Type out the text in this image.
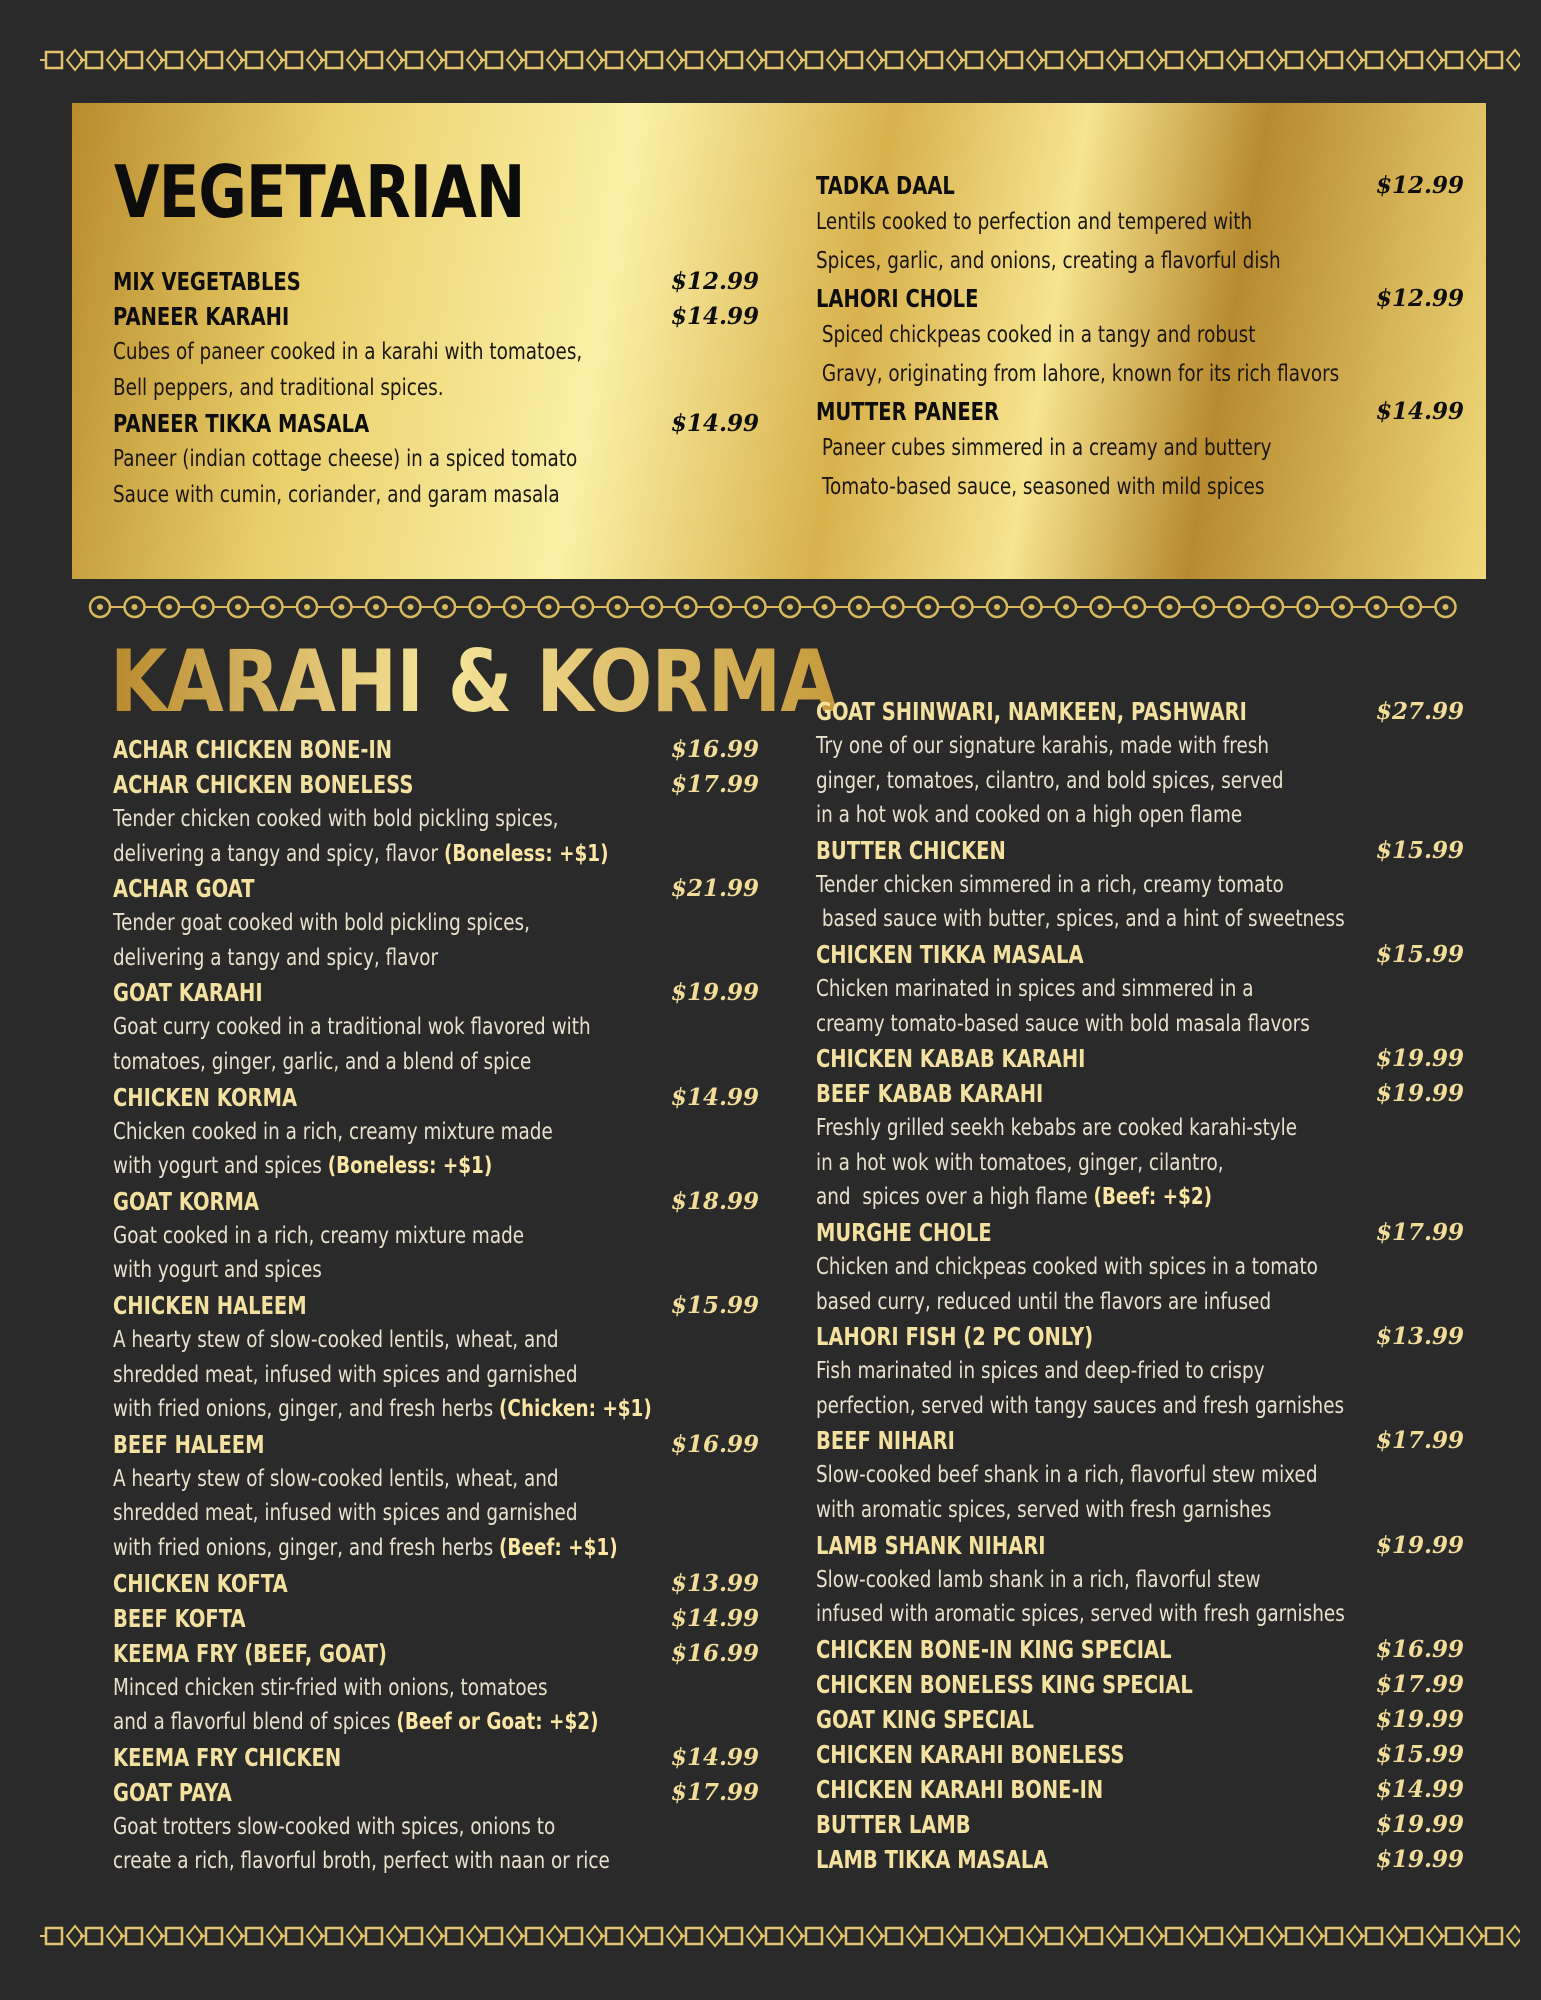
VEGETARIAN
MIX VEGETABLES	$12.99
PANEER KARAHI	$14.99
Cubes of paneer cooked in a karahi with tomatoes,
Bell peppers, and traditional spices.
PANEER TIKKA MASALA	$14.99
Paneer (indian cottage cheese) in a spiced tomato
Sauce with cumin, coriander, and garam masala
TADKA DAAL	$12.99
Lentils cooked to perfection and tempered with
Spices, garlic, and onions, creating a flavorful dish
LAHORI CHOLE	$12.99
Spiced chickpeas cooked in a tangy and robust
Gravy, originating from lahore, known for its rich flavors
MUTTER PANEER	$14.99
Paneer cubes simmered in a creamy and buttery
Tomato-based sauce, seasoned with mild spices
KARAHI & KORMA
ACHAR CHICKEN BONE-IN	$16.99
ACHAR CHICKEN BONELESS	$17.99
Tender chicken cooked with bold pickling spices,
delivering a tangy and spicy, flavor (Boneless: +$1)
ACHAR GOAT	$21.99
Tender goat cooked with bold pickling spices,
delivering a tangy and spicy, flavor
GOAT KARAHI	$19.99
Goat curry cooked in a traditional wok flavored with
tomatoes, ginger, garlic, and a blend of spice
CHICKEN KORMA	$14.99
Chicken cooked in a rich, creamy mixture made
with yogurt and spices (Boneless: +$1)
GOAT KORMA	$18.99
Goat cooked in a rich, creamy mixture made
with yogurt and spices
CHICKEN HALEEM	$15.99
A hearty stew of slow-cooked lentils, wheat, and
shredded meat, infused with spices and garnished
with fried onions, ginger, and fresh herbs (Chicken: +$1)
BEEF HALEEM	$16.99
A hearty stew of slow-cooked lentils, wheat, and
shredded meat, infused with spices and garnished
with fried onions, ginger, and fresh herbs (Beef: +$1)
CHICKEN KOFTA	$13.99
BEEF KOFTA	$14.99
KEEMA FRY (BEEF, GOAT)	$16.99
Minced chicken stir-fried with onions, tomatoes
and a flavorful blend of spices (Beef or Goat: +$2)
KEEMA FRY CHICKEN	$14.99
GOAT PAYA	$17.99
Goat trotters slow-cooked with spices, onions to
create a rich, flavorful broth, perfect with naan or rice
GOAT SHINWARI, NAMKEEN, PASHWARI	$27.99
Try one of our signature karahis, made with fresh
ginger, tomatoes, cilantro, and bold spices, served
in a hot wok and cooked on a high open flame
BUTTER CHICKEN	$15.99
Tender chicken simmered in a rich, creamy tomato
based sauce with butter, spices, and a hint of sweetness
CHICKEN TIKKA MASALA	$15.99
Chicken marinated in spices and simmered in a
creamy tomato-based sauce with bold masala flavors
CHICKEN KABAB KARAHI	$19.99
BEEF KABAB KARAHI	$19.99
Freshly grilled seekh kebabs are cooked karahi-style
in a hot wok with tomatoes, ginger, cilantro,
and  spices over a high flame (Beef: +$2)
MURGHE CHOLE	$17.99
Chicken and chickpeas cooked with spices in a tomato
based curry, reduced until the flavors are infused
LAHORI FISH (2 PC ONLY)	$13.99
Fish marinated in spices and deep-fried to crispy
perfection, served with tangy sauces and fresh garnishes
BEEF NIHARI	$17.99
Slow-cooked beef shank in a rich, flavorful stew mixed
with aromatic spices, served with fresh garnishes
LAMB SHANK NIHARI	$19.99
Slow-cooked lamb shank in a rich, flavorful stew
infused with aromatic spices, served with fresh garnishes
CHICKEN BONE-IN KING SPECIAL	$16.99
CHICKEN BONELESS KING SPECIAL	$17.99
GOAT KING SPECIAL	$19.99
CHICKEN KARAHI BONELESS	$15.99
CHICKEN KARAHI BONE-IN	$14.99
BUTTER LAMB	$19.99
LAMB TIKKA MASALA	$19.99
